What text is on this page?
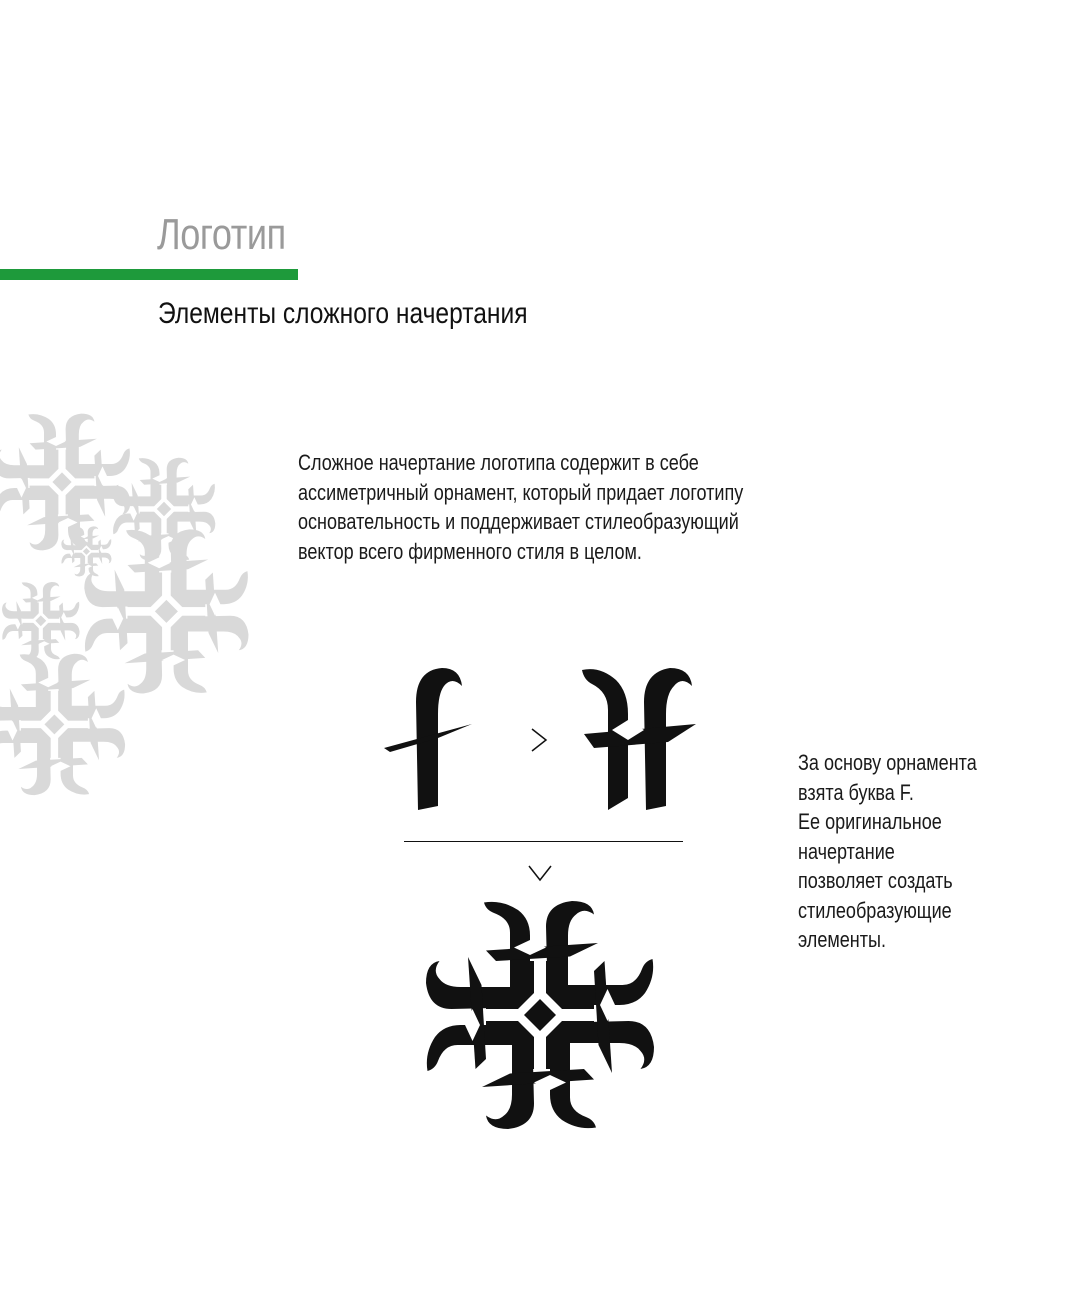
Логотип
Элементы сложного начертания

Сложное начертание логотипа содержит в себе
ассиметричный орнамент, который придает логотипу
основательность и поддерживает стилеобразующий
вектор всего фирменного стиля в целом.

За основу орнамента
взята буква F.
Ее оригинальное
начертание
позволяет создать
стилеобразующие
элементы.
